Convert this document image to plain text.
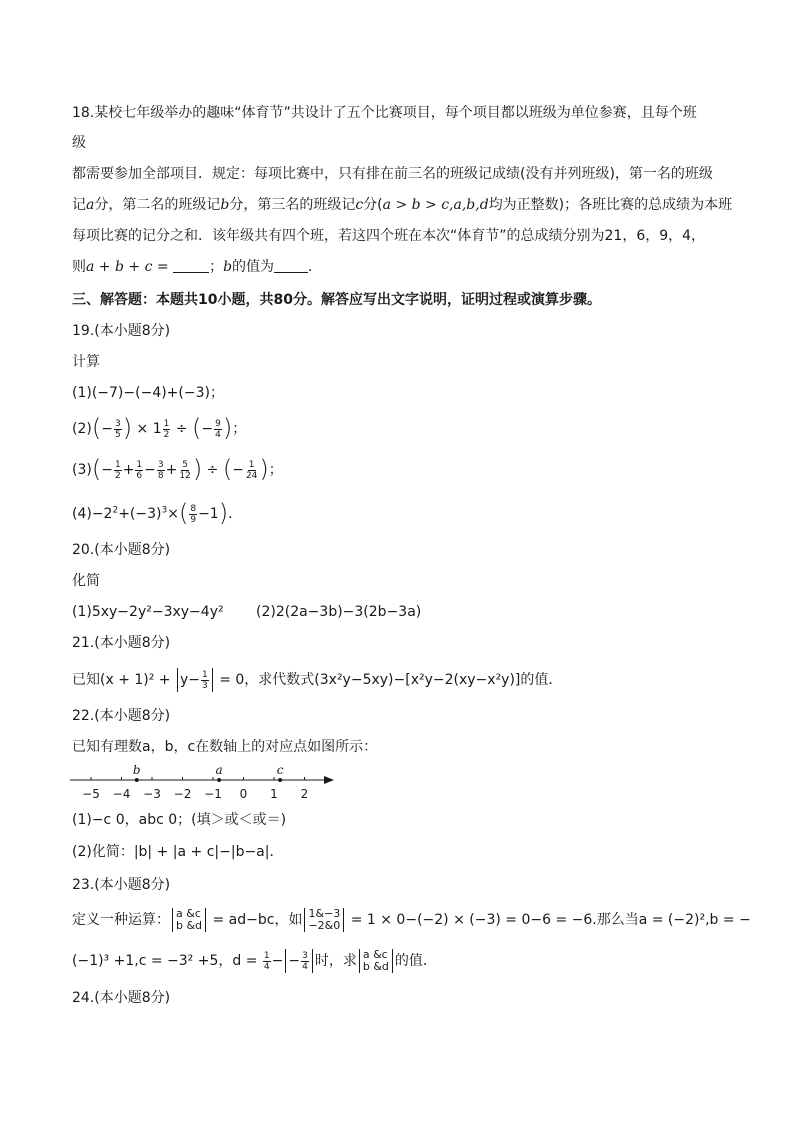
18.某校七年级举办的趣味“体育节”共设计了五个比赛项目，每个项目都以班级为单位参赛，且每个班
级
都需要参加全部项目．规定：每项比赛中，只有排在前三名的班级记成绩(没有并列班级)，第一名的班级
记a分，第二名的班级记b分，第三名的班级记c分(a > b > c,a,b,d均为正整数)；各班比赛的总成绩为本班
每项比赛的记分之和．该年级共有四个班，若这四个班在本次“体育节”的总成绩分别为21，6，9，4，
则a + b + c =	；b的值为 ．
三、解答题：本题共10小题，共80分。解答应写出文字说明，证明过程或演算步骤。
19.(本小题8分)
计算
(1)(−7)−(−4)+(−3)；
$(2)(- \frac{3}{5}$ ) × $1 \frac{1}{2}$ ÷ (− $\frac{9}{4}$ )；
$(3)(- \frac{1}{2} + \frac{1}{6} - \frac{3}{8} + \frac{5}{12}$ ) ÷ (− $\frac{1}{24}$ )；
$(4)-2^2+(-3)^3\times( \frac{8}{9} -1)$．
20.(本小题8分)
化简
(1)5xy−2y²−3xy−4y² (2)2(2a−3b)−3(2b−3a)
21.(本小题8分)
已知$(x + 1)^2 + y- \frac{1}{3} = 0$，求代数式(3x²y−5xy)−[x²y−2(xy−x²y)]的值．
22.(本小题8分)
已知有理数a，b，c在数轴上的对应点如图所示：
−5 −4 −3 −2 −1 0 1 2
b	a	c
(1)−c 0，abc 0；(填＞或＜或＝)
(2)化简：|b| + |a + c|−|b−a|．
23.(本小题8分)
定义一种运算： a &c
b &d = ad−bc，如 1&−3
−2&0 = 1 × 0−(−2) × (−3) = 0−6 = −6.那么当a = (−2)²,b = −
(−1)³ +1,c = −3² +5，$d = \frac{1}{4}$ − − $\frac{3}{4}$ 时，求 a &c
b &d 的值．
24.(本小题8分)
